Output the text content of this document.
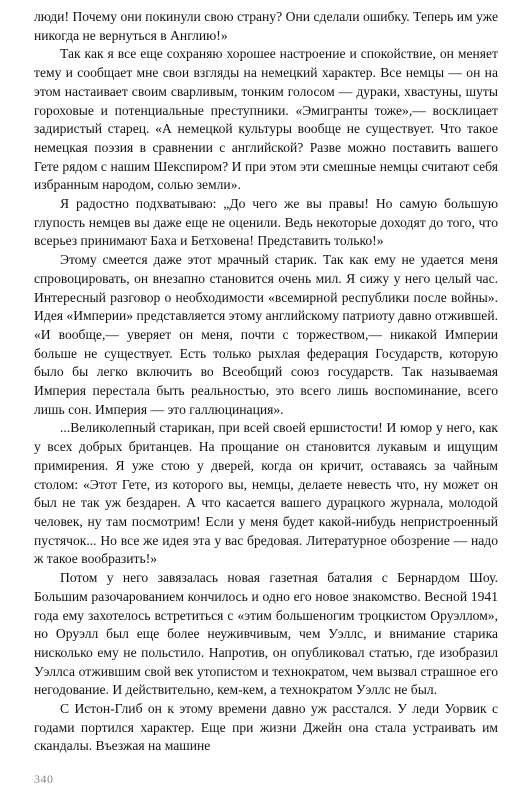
люди! Почему они покинули свою страну? Они сделали ошибку. Теперь им уже никогда не вернуться в Англию!»

Так как я все еще сохраняю хорошее настроение и спокойствие, он меняет тему и сообщает мне свои взгляды на немецкий характер. Все немцы — он на этом настаивает своим сварливым, тонким голосом — дураки, хвастуны, шуты гороховые и потенциальные преступники. «Эмигранты тоже»,— восклицает задиристый старец. «А немецкой культуры вообще не существует. Что такое немецкая поэзия в сравнении с английской? Разве можно поставить вашего Гете рядом с нашим Шекспиром? И при этом эти смешные немцы считают себя избранным народом, солью земли».

Я радостно подхватываю: „До чего же вы правы! Но самую большую глупость немцев вы даже еще не оценили. Ведь некоторые доходят до того, что всерьез принимают Баха и Бетховена! Представить только!»

Этому смеется даже этот мрачный старик. Так как ему не удается меня спровоцировать, он внезапно становится очень мил. Я сижу у него целый час. Интересный разговор о необходимости «всемирной республики после войны». Идея «Империи» представляется этому английскому патриоту давно отжившей. «И вообще,— уверяет он меня, почти с торжеством,— никакой Империи больше не существует. Есть только рыхлая федерация Государств, которую было бы легко включить во Всеобщий союз государств. Так называемая Империя перестала быть реальностью, это всего лишь воспоминание, всего лишь сон. Империя — это галлюцинация».

...Великолепный старикан, при всей своей ершистости! И юмор у него, как у всех добрых британцев. На прощание он становится лукавым и ищущим примирения. Я уже стою у дверей, когда он кричит, оставаясь за чайным столом: «Этот Гете, из которого вы, немцы, делаете невесть что, ну может он был не так уж бездарен. А что касается вашего дурацкого журнала, молодой человек, ну там посмотрим! Если у меня будет какой-нибудь непристроенный пустячок... Но все же идея эта у вас бредовая. Литературное обозрение — надо ж такое вообразить!»

Потом у него завязалась новая газетная баталия с Бернардом Шоу. Большим разочарованием кончилось и одно его новое знакомство. Весной 1941 года ему захотелось встретиться с «этим большеногим троцкистом Оруэллом», но Оруэлл был еще более неуживчивым, чем Уэллс, и внимание старика нисколько ему не польстило. Напротив, он опубликовал статью, где изобразил Уэллса отжившим свой век утопистом и технократом, чем вызвал страшное его негодование. И действительно, кем-кем, а технократом Уэллс не был.

С Истон-Глиб он к этому времени давно уж расстался. У леди Уорвик с годами портился характер. Еще при жизни Джейн она стала устраивать им скандалы. Въезжая на машине

340
